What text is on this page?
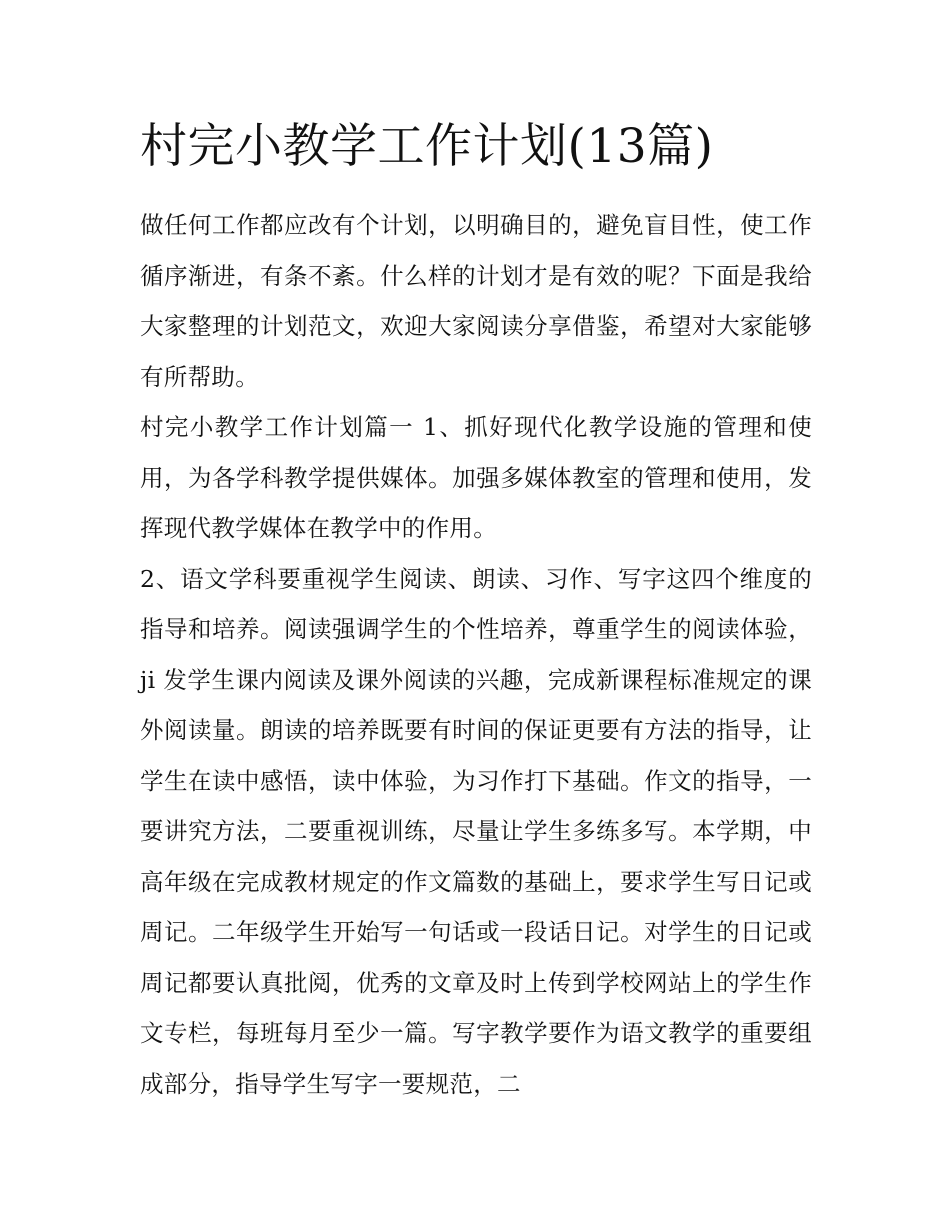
村完小教学工作计划(13篇)

做任何工作都应改有个计划，以明确目的，避免盲目性，使工作循序渐进，有条不紊。什么样的计划才是有效的呢？下面是我给大家整理的计划范文，欢迎大家阅读分享借鉴，希望对大家能够有所帮助。

村完小教学工作计划篇一 1、抓好现代化教学设施的管理和使用，为各学科教学提供媒体。加强多媒体教室的管理和使用，发挥现代教学媒体在教学中的作用。

2、语文学科要重视学生阅读、朗读、习作、写字这四个维度的指导和培养。阅读强调学生的个性培养，尊重学生的阅读体验，ji 发学生课内阅读及课外阅读的兴趣，完成新课程标准规定的课外阅读量。朗读的培养既要有时间的保证更要有方法的指导，让学生在读中感悟，读中体验，为习作打下基础。作文的指导，一要讲究方法，二要重视训练，尽量让学生多练多写。本学期，中高年级在完成教材规定的作文篇数的基础上，要求学生写日记或周记。二年级学生开始写一句话或一段话日记。对学生的日记或周记都要认真批阅，优秀的文章及时上传到学校网站上的学生作文专栏，每班每月至少一篇。写字教学要作为语文教学的重要组成部分，指导学生写字一要规范，二
